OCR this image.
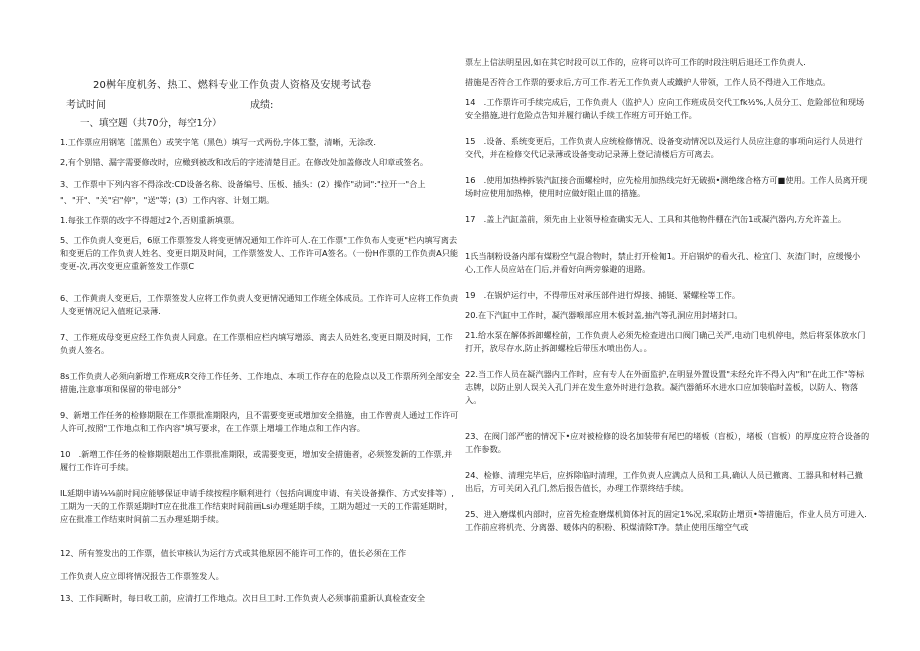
20桝年度机务、热工、燃料专业工作负责人资格及安规考试卷
考试时间	成绩:
一、填空题（共70分，每空1分）

1.工作票应用钢笔［蓝黑色）或笑字笔（黑色）填写一式两份,字体工整，清晰，无涂改.

2,有个别错、漏字需要修改时，应橄到被改和改后的字迹清楚目正。在修改处加盖修改人印章或签名。

3、工作票中下列内容不得涂改:CD设备名称、设备编号、压板、插头：(2）操作"动词":"拉开一"合上

"、"开"、"关"宕"停"，"送"等；(3）工作内容、计划工期。

1.每张工作票的改字不得超过2个,否则重新填票。

5、工作负责人变更后，6原工作票签发人将变更情况通知工作许可人.在工作票"工作负布人变更"栏内填写离去和变更后的工作负责人姓名、变更日期及时间，工作票签发人、工作许可A签名。（一份H作票的工作负责A只能变更-次,再次变更应重新签发工作票C

6、工作黄责人变更后，工作票签发人应将工作负责人变更情况通知工作班全体成员。工作许可人应将工作负责人变更情况记入值班记录薄.

7、工作班成母变更应经工作负责人同意。在工作票相应栏内填写增添、离去人员姓名,变更日期及时间，工作负责人签名。

8s工作负责人必须向新增工作班成R交待工作任务、工作地点、本项工作存在的危险点以及工作票所列全部安全措施,注意事项和保留的带电部分°

9、新增工作任务的检修期限在工作票批准期限内，且不需要变更或增加安全措施，由工作曾责人通过工作许可人许可,按照"工作地点和工作内容"填写要求，在工作票上增墙工作地点和工作内容。

10　.新増工作任务的检修期限超出工作票批准期限，或需要变更，增加安全措施者，必须签发新的工作票,并履行工作许可手续。

IL延期申请⅛⅛前时间应能够保证申请手续按程序顺利进行（包括向调度申请、有关设备操作、方式安排等）,工期为一天的工作票延期时T应在批准工作结束时间前画Lsi办理延期手续，工期为超过一天的工作需延期时，应在批准工作结束时间前二五办理延期手续。

12、所有签发出的工作票，值长审核认为运行方式或其他原因不能许可工作的，值长必须在工作

工作负责人应立即将情况报告工作票签发人。

13、工作间断时，每日收工前，应清打工作地点。次日旦工时.工作负责人必须事前重新认真检查安全

票左上信法明星因,如在其它时段可以工作的，应将可以许可工作的时段注明后退还工作负责人.

措施是否符合工作票的要求后,方可工作.若无工作负责人或鐵护人带领，工作人员不得进入工作地点。

14　.工作票许可手续完成后，工作负责人（监护人）应向工作班成员交代工fk½%,人员分工、危险部位和现场安全措施,进行危险点告知并履行确认手续工作班方可开始工作。

15　.设备、系统变更后，工作负责人应统检修情况、设备变动情况以及运行人员应注意的事项向运行人员进行交代，并在检修交代记录薄或设备变动记录薄上登记清楼后方可离去。

16　.使用加热棒拆装汽缸接合面螺栓时，应先检用加热线完好无破损•测绝缘合格方可■使用。工作人员离开现场时应使用加热棒，使用时应做好阻止皿的措施。

17　.盖上汽缸盖前，须先由上业领导检查确实无人、工具和其他物件棚在汽缶1或凝汽器内,方允许盖上。

1氏当制粉设备内部有煤粉空气混合物时，禁止打开检匍1。开启锅炉的看火孔、检宜门、灰渣门时，应缓慢小心,工作人员应站在门后,并看好向两旁躲避的退路。

19　.在锅炉运行中，不得带压对承压部件进行焊接、捕铤、紧螺栓等工作。

20.在下汽缸中工作时，凝汽器喉部应用木板封盖,抽汽等孔洞应用封堵封口。

21.给水泵在解体拆卸螺栓前，工作负责人必须先检查进出口阀门确己关严,电动门电机停电，然后将泵体放水门打开，放尽存水,防止拆卸螺栓后带压水喷出伤人。。

22.当工作人员在凝汽器内工作时，应有专人在外面监护,在明显外置设置"未经允许不得入内"和"在此工作"等标志牌，以防止别人误关入孔门并在发生意外时进行急救。凝汽器循环水进水口应加装临时盖板，以防人、物落入。

23、在阀门部严密的情况下•应对被检修的设名加装带有尾巴的堵板（盲板），堵板（盲板）的厚度应符合设备的工作参数。

24、检修、清理完毕后，应拆除临时清理，工作负责人应满点人员和工具,确认人员已撤离、工器具和材料己撤出后，方可关闭入孔门,然后报告值长，办理工作票终结手续。

25、进入磨煤机内部时，应首先检查磨煤机简体衬瓦的固定1%况,采取防止增页•等措施后，作业人员方可进入.工作前应将机壳、分离器、暖体内的积粉、积煤清除T净。禁止使用压缩空气或
